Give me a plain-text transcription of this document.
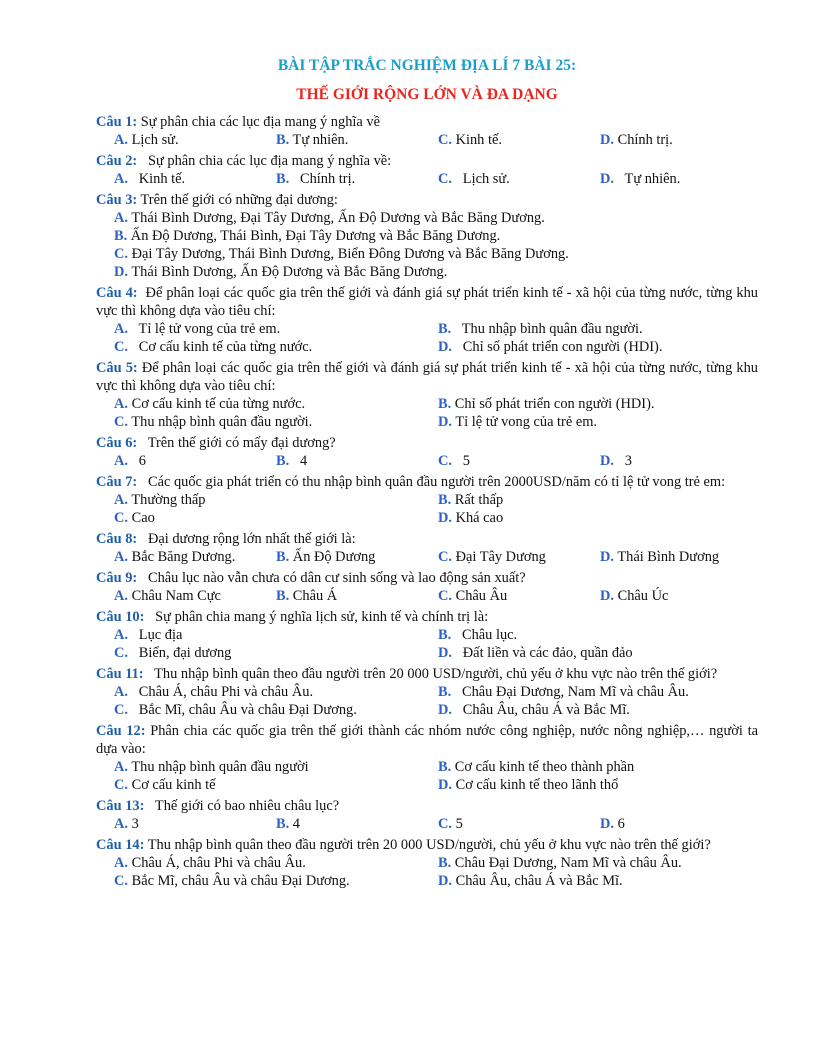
BÀI TẬP TRẮC NGHIỆM ĐỊA LÍ 7 BÀI 25:
THẾ GIỚI RỘNG LỚN VÀ ĐA DẠNG
Câu 1: Sự phân chia các lục địa mang ý nghĩa về
A. Lịch sử.	B. Tự nhiên.	C. Kinh tế.	D. Chính trị.
Câu 2:   Sự phân chia các lục địa mang ý nghĩa về:
A.   Kinh tế.	B.   Chính trị.	C.   Lịch sử.	D.   Tự nhiên.
Câu 3: Trên thế giới có những đại dương:
A. Thái Bình Dương, Đại Tây Dương, Ấn Độ Dương và Bắc Băng Dương.
B. Ấn Độ Dương, Thái Bình, Đại Tây Dương và Bắc Băng Dương.
C. Đại Tây Dương, Thái Bình Dương, Biển Đông Dương và Bắc Băng Dương.
D. Thái Bình Dương, Ấn Độ Dương và Bắc Băng Dương.
Câu 4:  Để phân loại các quốc gia trên thế giới và đánh giá sự phát triển kinh tế - xã hội của từng nước, từng khu vực thì không dựa vào tiêu chí:
A.   Tỉ lệ tử vong của trẻ em.	B.   Thu nhập bình quân đầu người.
C.   Cơ cấu kinh tế của từng nước.	D.   Chỉ số phát triển con người (HDI).
Câu 5: Để phân loại các quốc gia trên thế giới và đánh giá sự phát triển kinh tế - xã hội của từng nước, từng khu vực thì không dựa vào tiêu chí:
A. Cơ cấu kinh tế của từng nước.	B. Chỉ số phát triển con người (HDI).
C. Thu nhập bình quân đầu người.	D. Tỉ lệ tử vong của trẻ em.
Câu 6:   Trên thế giới có mấy đại dương?
A.   6	B.   4	C.   5	D.   3
Câu 7:   Các quốc gia phát triển có thu nhập bình quân đầu người trên 2000USD/năm có tỉ lệ tử vong trẻ em:
A. Thường thấp	B. Rất thấp
C. Cao	D. Khá cao
Câu 8:   Đại dương rộng lớn nhất thế giới là:
A. Bắc Băng Dương.	B. Ấn Độ Dương	C. Đại Tây Dương	D. Thái Bình Dương
Câu 9:   Châu lục nào vẫn chưa có dân cư sinh sống và lao động sản xuất?
A. Châu Nam Cực	B. Châu Á	C. Châu Âu	D. Châu Úc
Câu 10:   Sự phân chia mang ý nghĩa lịch sử, kinh tế và chính trị là:
A.   Lục địa	B.   Châu lục.
C.   Biển, đại dương	D.   Đất liền và các đảo, quần đảo
Câu 11:   Thu nhập bình quân theo đầu người trên 20 000 USD/người, chủ yếu ở khu vực nào trên thế giới?
A.   Châu Á, châu Phi và châu Âu.	B.   Châu Đại Dương, Nam Mĩ và châu Âu.
C.   Bắc Mĩ, châu Âu và châu Đại Dương.	D.   Châu Âu, châu Á và Bắc Mĩ.
Câu 12: Phân chia các quốc gia trên thế giới thành các nhóm nước công nghiệp, nước nông nghiệp,… người ta dựa vào:
A. Thu nhập bình quân đầu người	B. Cơ cấu kinh tế theo thành phần
C. Cơ cấu kinh tế	D. Cơ cấu kinh tế theo lãnh thổ
Câu 13:   Thế giới có bao nhiêu châu lục?
A. 3	B. 4	C. 5	D. 6
Câu 14: Thu nhập bình quân theo đầu người trên 20 000 USD/người, chủ yếu ở khu vực nào trên thế giới?
A. Châu Á, châu Phi và châu Âu.	B. Châu Đại Dương, Nam Mĩ và châu Âu.
C. Bắc Mĩ, châu Âu và châu Đại Dương.	D. Châu Âu, châu Á và Bắc Mĩ.
